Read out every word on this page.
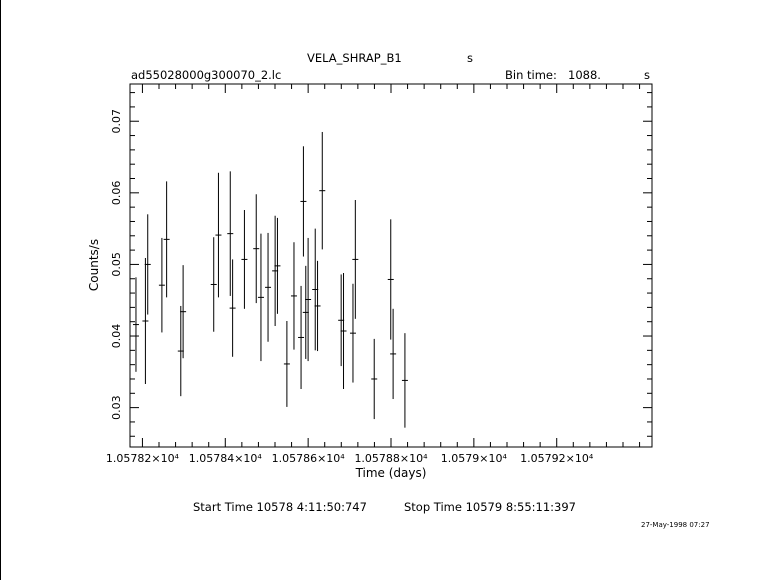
VELA_SHRAP_B1	s
ad55028000g300070_2.lc	Bin time: 1088.	s
1.05782×10⁴ 1.05784×10⁴ 1.05786×10⁴ 1.05788×10⁴ 1.0579×10⁴ 1.05792×10⁴
0.03
0.04
0.05
0.06
0.07
Time (days)
Counts/s
Start Time 10578 4:11:50:747	Stop Time 10579 8:55:11:397
27-May-1998 07:27
